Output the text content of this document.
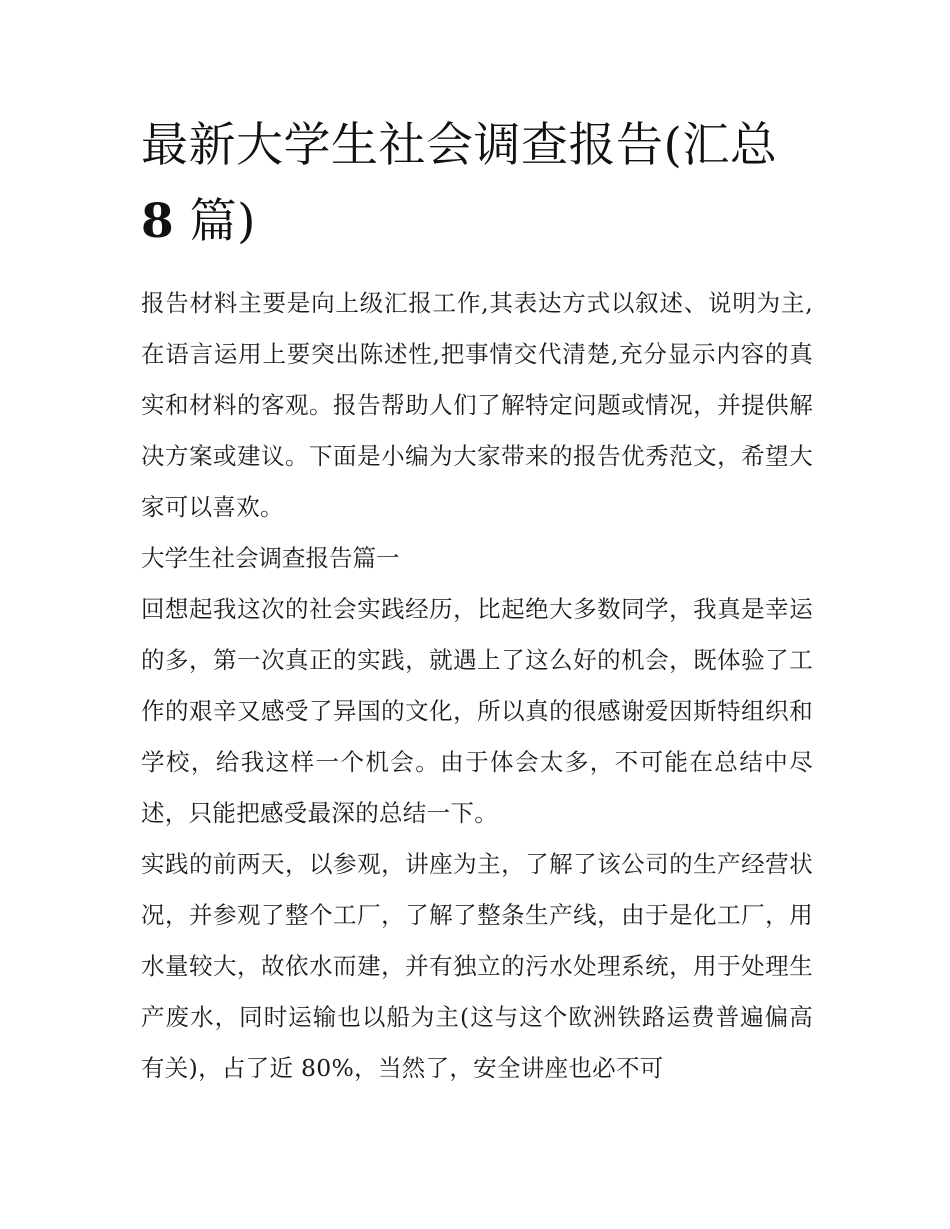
最新大学生社会调查报告(汇总
8 篇)

报告材料主要是向上级汇报工作,其表达方式以叙述、说明为主,在语言运用上要突出陈述性,把事情交代清楚,充分显示内容的真实和材料的客观。报告帮助人们了解特定问题或情况，并提供解决方案或建议。下面是小编为大家带来的报告优秀范文，希望大家可以喜欢。

大学生社会调查报告篇一

回想起我这次的社会实践经历，比起绝大多数同学，我真是幸运的多，第一次真正的实践，就遇上了这么好的机会，既体验了工作的艰辛又感受了异国的文化，所以真的很感谢爱因斯特组织和学校，给我这样一个机会。由于体会太多，不可能在总结中尽述，只能把感受最深的总结一下。

实践的前两天，以参观，讲座为主，了解了该公司的生产经营状况，并参观了整个工厂，了解了整条生产线，由于是化工厂，用水量较大，故依水而建，并有独立的污水处理系统，用于处理生产废水，同时运输也以船为主(这与这个欧洲铁路运费普遍偏高有关)，占了近 80%，当然了，安全讲座也必不可
